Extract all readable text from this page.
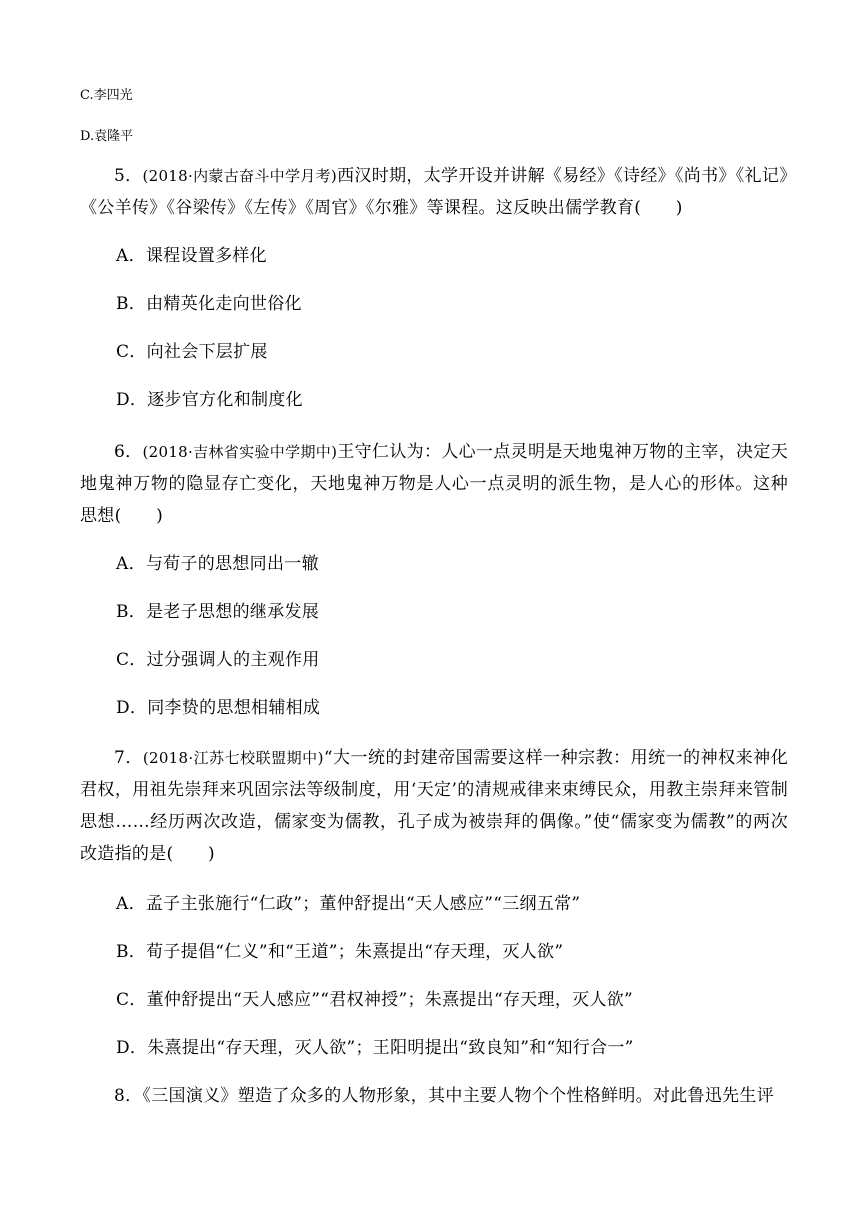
C.李四光
D.袁隆平
5．(2018·内蒙古奋斗中学月考)西汉时期，太学开设并讲解《易经》《诗经》《尚书》《礼记》《公羊传》《谷梁传》《左传》《周官》《尔雅》等课程。这反映出儒学教育(　　)
A．课程设置多样化
B．由精英化走向世俗化
C．向社会下层扩展
D．逐步官方化和制度化
6．(2018·吉林省实验中学期中)王守仁认为：人心一点灵明是天地鬼神万物的主宰，决定天地鬼神万物的隐显存亡变化，天地鬼神万物是人心一点灵明的派生物，是人心的形体。这种思想(　　)
A．与荀子的思想同出一辙
B．是老子思想的继承发展
C．过分强调人的主观作用
D．同李贽的思想相辅相成
7．(2018·江苏七校联盟期中)“大一统的封建帝国需要这样一种宗教：用统一的神权来神化君权，用祖先崇拜来巩固宗法等级制度，用‘天定’的清规戒律来束缚民众，用教主崇拜来管制思想……经历两次改造，儒家变为儒教，孔子成为被崇拜的偶像。”使“儒家变为儒教”的两次改造指的是(　　)
A．孟子主张施行“仁政”；董仲舒提出“天人感应”“三纲五常”
B．荀子提倡“仁义”和“王道”；朱熹提出“存天理，灭人欲”
C．董仲舒提出“天人感应”“君权神授”；朱熹提出“存天理，灭人欲”
D．朱熹提出“存天理，灭人欲”；王阳明提出“致良知”和“知行合一”
8．《三国演义》塑造了众多的人物形象，其中主要人物个个性格鲜明。对此鲁迅先生评
